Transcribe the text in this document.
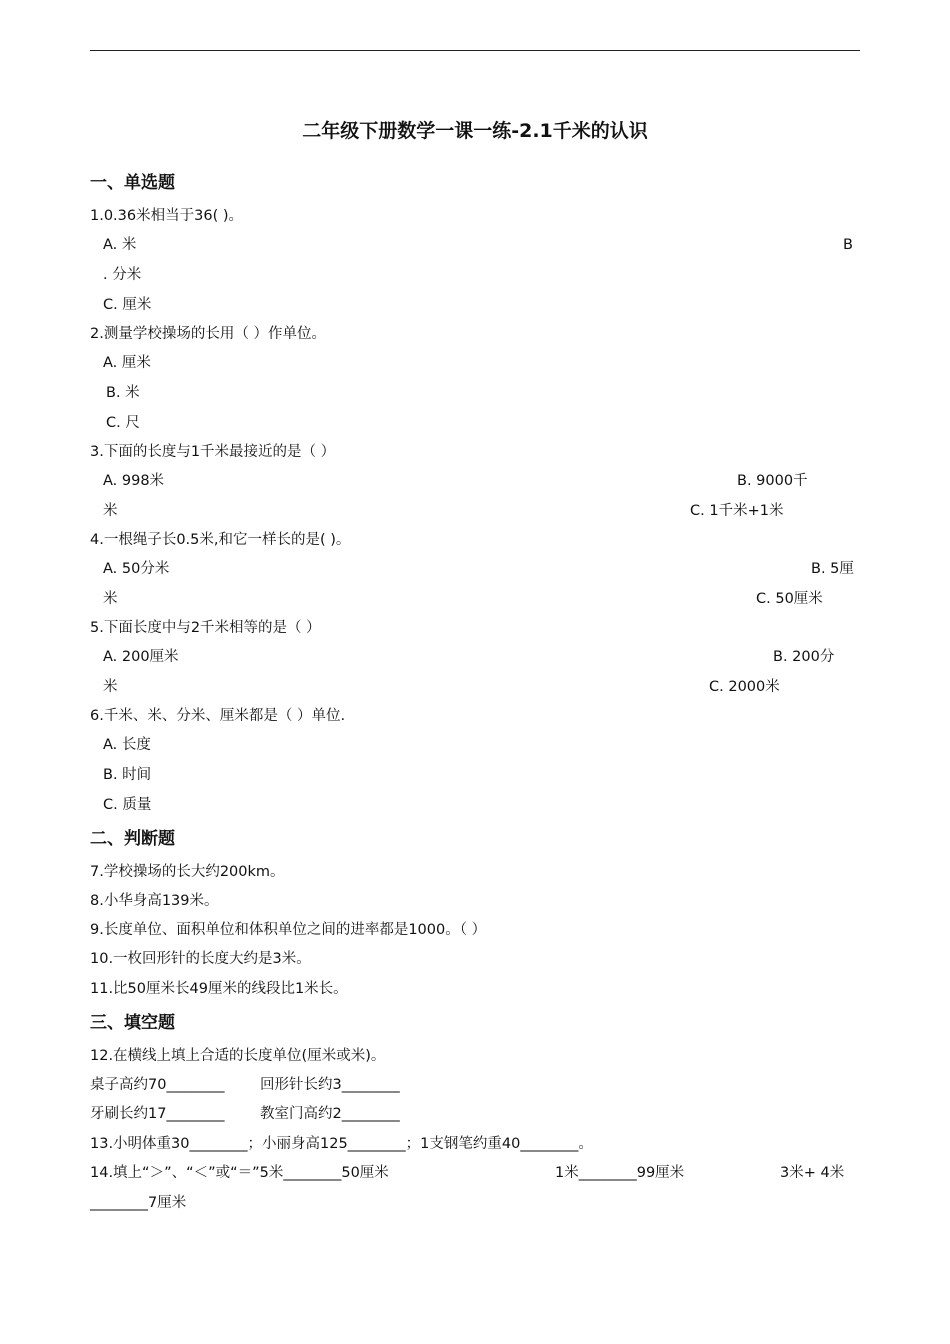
二年级下册数学一课一练-2.1千米的认识
一、单选题
1.0.36米相当于36( )。
A. 米	B
. 分米
C. 厘米
2.测量学校操场的长用（ ）作单位。
A. 厘米
B. 米
C. 尺
3.下面的长度与1千米最接近的是（ ）
A. 998米	B. 9000千
米	C. 1千米+1米
4.一根绳子长0.5米,和它一样长的是( )。
A. 50分米	B. 5厘
米	C. 50厘米
5.下面长度中与2千米相等的是（ ）
A. 200厘米	B. 200分
米	C. 2000米
6.千米、米、分米、厘米都是（ ）单位.
A. 长度
B. 时间
C. 质量
二、判断题
7.学校操场的长大约200km。
8.小华身高139米。
9.长度单位、面积单位和体积单位之间的进率都是1000。（ ）
10.一枚回形针的长度大约是3米。
11.比50厘米长49厘米的线段比1米长。
三、填空题
12.在横线上填上合适的长度单位(厘米或米)。
桌子高约70________ 回形针长约3________
牙刷长约17________ 教室门高约2________
13.小明体重30________；小丽身高125________；1支钢笔约重40________。
14.填上“＞”、“＜”或“＝”5米________50厘米	1米________99厘米	3米+ 4米
________7厘米
